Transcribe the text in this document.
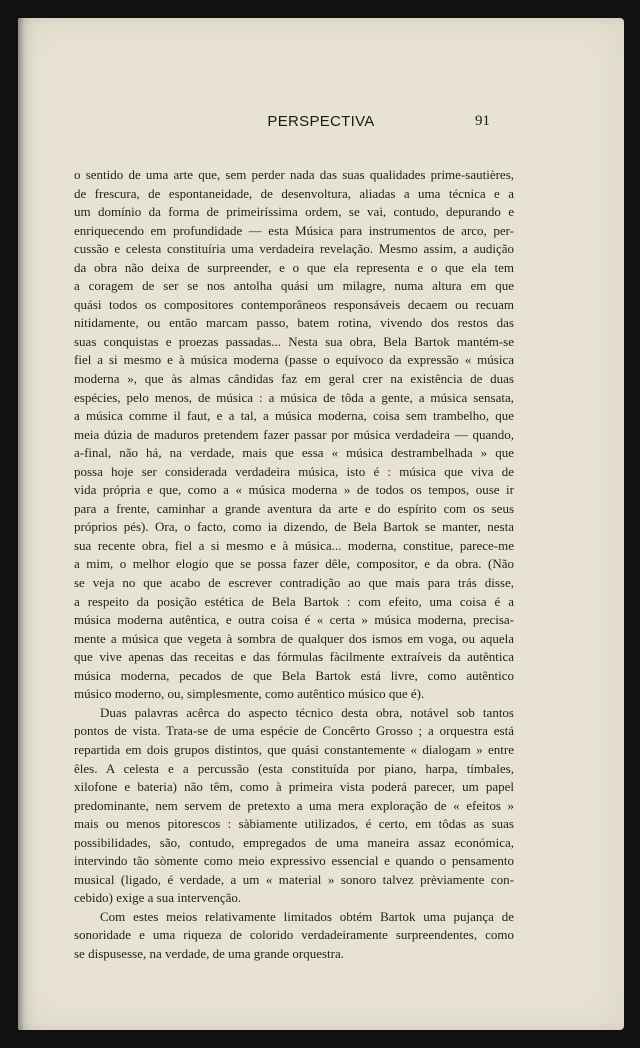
PERSPECTIVA	91
o sentido de uma arte que, sem perder nada das suas qualidades prime-sautières,
de frescura, de espontaneidade, de desenvoltura, aliadas a uma técnica e a
um domínio da forma de primeiríssima ordem, se vai, contudo, depurando e
enriquecendo em profundidade — esta Música para instrumentos de arco, per-
cussão e celesta constituíria uma verdadeira revelação. Mesmo assim, a audição
da obra não deixa de surpreender, e o que ela representa e o que ela tem
a coragem de ser se nos antolha quási um milagre, numa altura em que
quási todos os compositores contemporâneos responsáveis decaem ou recuam
nitidamente, ou então marcam passo, batem rotina, vivendo dos restos das
suas conquistas e proezas passadas... Nesta sua obra, Bela Bartok mantém-se
fiel a si mesmo e à música moderna (passe o equívoco da expressão « música
moderna », que às almas cândidas faz em geral crer na existência de duas
espécies, pelo menos, de música : a música de tôda a gente, a música sensata,
a música comme il faut, e a tal, a música moderna, coisa sem trambelho, que
meia dúzia de maduros pretendem fazer passar por música verdadeira — quando,
a-final, não há, na verdade, mais que essa « música destrambelhada » que
possa hoje ser considerada verdadeira música, isto é : música que viva de
vida própria e que, como a « música moderna » de todos os tempos, ouse ir
para a frente, caminhar a grande aventura da arte e do espírito com os seus
próprios pés). Ora, o facto, como ia dizendo, de Bela Bartok se manter, nesta
sua recente obra, fiel a si mesmo e à música... moderna, constitue, parece-me
a mim, o melhor elogio que se possa fazer dêle, compositor, e da obra. (Não
se veja no que acabo de escrever contradição ao que mais para trás disse,
a respeito da posição estética de Bela Bartok : com efeito, uma coisa é a
música moderna autêntica, e outra coisa é « certa » música moderna, precisa-
mente a música que vegeta à sombra de qualquer dos ismos em voga, ou aquela
que vive apenas das receitas e das fórmulas fàcilmente extraíveis da autêntica
música moderna, pecados de que Bela Bartok está livre, como autêntico
músico moderno, ou, simplesmente, como autêntico músico que é).
Duas palavras acêrca do aspecto técnico desta obra, notável sob tantos
pontos de vista. Trata-se de uma espécie de Concêrto Grosso ; a orquestra está
repartida em dois grupos distintos, que quási constantemente « dialogam » entre
êles. A celesta e a percussão (esta constituída por piano, harpa, tímbales,
xilofone e bateria) não têm, como à primeira vista poderá parecer, um papel
predominante, nem servem de pretexto a uma mera exploração de « efeitos »
mais ou menos pitorescos : sàbiamente utilizados, é certo, em tôdas as suas
possibilidades, são, contudo, empregados de uma maneira assaz económica,
intervindo tão sòmente como meio expressivo essencial e quando o pensamento
musical (ligado, é verdade, a um « material » sonoro talvez prèviamente con-
cebido) exige a sua intervenção.
Com estes meios relativamente limitados obtém Bartok uma pujança de
sonoridade e uma riqueza de colorido verdadeiramente surpreendentes, como
se dispusesse, na verdade, de uma grande orquestra.
